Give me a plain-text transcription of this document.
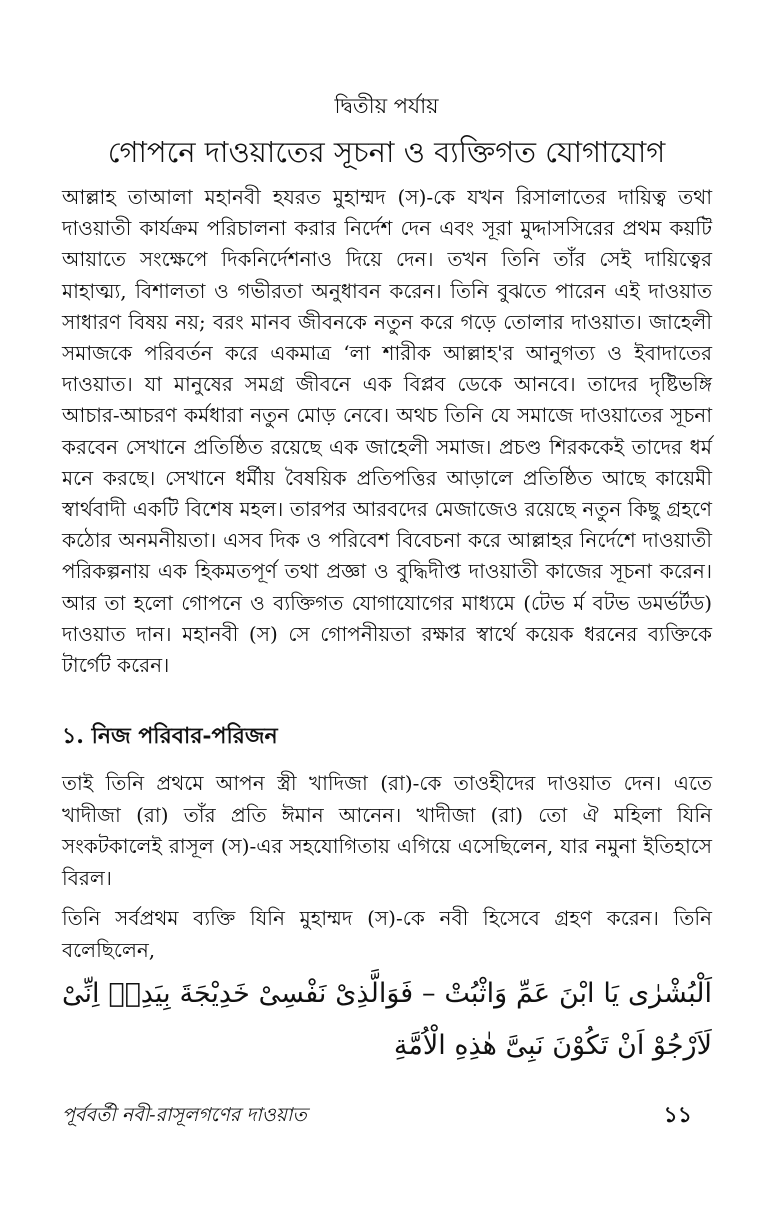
দ্বিতীয় পর্যায়
গোপনে দাওয়াতের সূচনা ও ব্যক্তিগত যোগাযোগ

আল্লাহ তাআলা মহানবী হযরত মুহাম্মদ (স)-কে যখন রিসালাতের দায়িত্ব তথা দাওয়াতী কার্যক্রম পরিচালনা করার নির্দেশ দেন এবং সূরা মুদ্দাসসিরের প্রথম কয়টি আয়াতে সংক্ষেপে দিকনির্দেশনাও দিয়ে দেন। তখন তিনি তাঁর সেই দায়িত্বের মাহাত্ম্য, বিশালতা ও গভীরতা অনুধাবন করেন। তিনি বুঝতে পারেন এই দাওয়াত সাধারণ বিষয় নয়; বরং মানব জীবনকে নতুন করে গড়ে তোলার দাওয়াত। জাহেলী সমাজকে পরিবর্তন করে একমাত্র ‘লা শারীক আল্লাহ'র আনুগত্য ও ইবাদাতের দাওয়াত। যা মানুষের সমগ্র জীবনে এক বিপ্লব ডেকে আনবে। তাদের দৃষ্টিভঙ্গি আচার-আচরণ কর্মধারা নতুন মোড় নেবে। অথচ তিনি যে সমাজে দাওয়াতের সূচনা করবেন সেখানে প্রতিষ্ঠিত রয়েছে এক জাহেলী সমাজ। প্রচণ্ড শিরককেই তাদের ধর্ম মনে করছে। সেখানে ধর্মীয় বৈষয়িক প্রতিপত্তির আড়ালে প্রতিষ্ঠিত আছে কায়েমী স্বার্থবাদী একটি বিশেষ মহল। তারপর আরবদের মেজাজেও রয়েছে নতুন কিছু গ্রহণে কঠোর অনমনীয়তা। এসব দিক ও পরিবেশ বিবেচনা করে আল্লাহর নির্দেশে দাওয়াতী পরিকল্পনায় এক হিকমতপূর্ণ তথা প্রজ্ঞা ও বুদ্ধিদীপ্ত দাওয়াতী কাজের সূচনা করেন। আর তা হলো গোপনে ও ব্যক্তিগত যোগাযোগের মাধ্যমে (টেভ র্ম বটভ ডমর্ভর্টড) দাওয়াত দান। মহানবী (স) সে গোপনীয়তা রক্ষার স্বার্থে কয়েক ধরনের ব্যক্তিকে টার্গেট করেন।

১. নিজ পরিবার-পরিজন

তাই তিনি প্রথমে আপন স্ত্রী খাদিজা (রা)-কে তাওহীদের দাওয়াত দেন। এতে খাদীজা (রা) তাঁর প্রতি ঈমান আনেন। খাদীজা (রা) তো ঐ মহিলা যিনি সংকটকালেই রাসূল (স)-এর সহযোগিতায় এগিয়ে এসেছিলেন, যার নমুনা ইতিহাসে বিরল।

তিনি সর্বপ্রথম ব্যক্তি যিনি মুহাম্মদ (স)-কে নবী হিসেবে গ্রহণ করেন। তিনি বলেছিলেন,

اَلْبُشْرٰى يَا ابْنَ عَمِّ وَاثْبُتْ – فَوَالَّذِىْ نَفْسِىْ خَدِيْجَةَ بِيَدِهٖ اِنِّىْ لَاَرْجُوْ اَنْ تَكُوْنَ نَبِىَّ هٰذِهِ الْاُمَّةِ

পূর্ববর্তী নবী-রাসূলগণের দাওয়াত	১১
